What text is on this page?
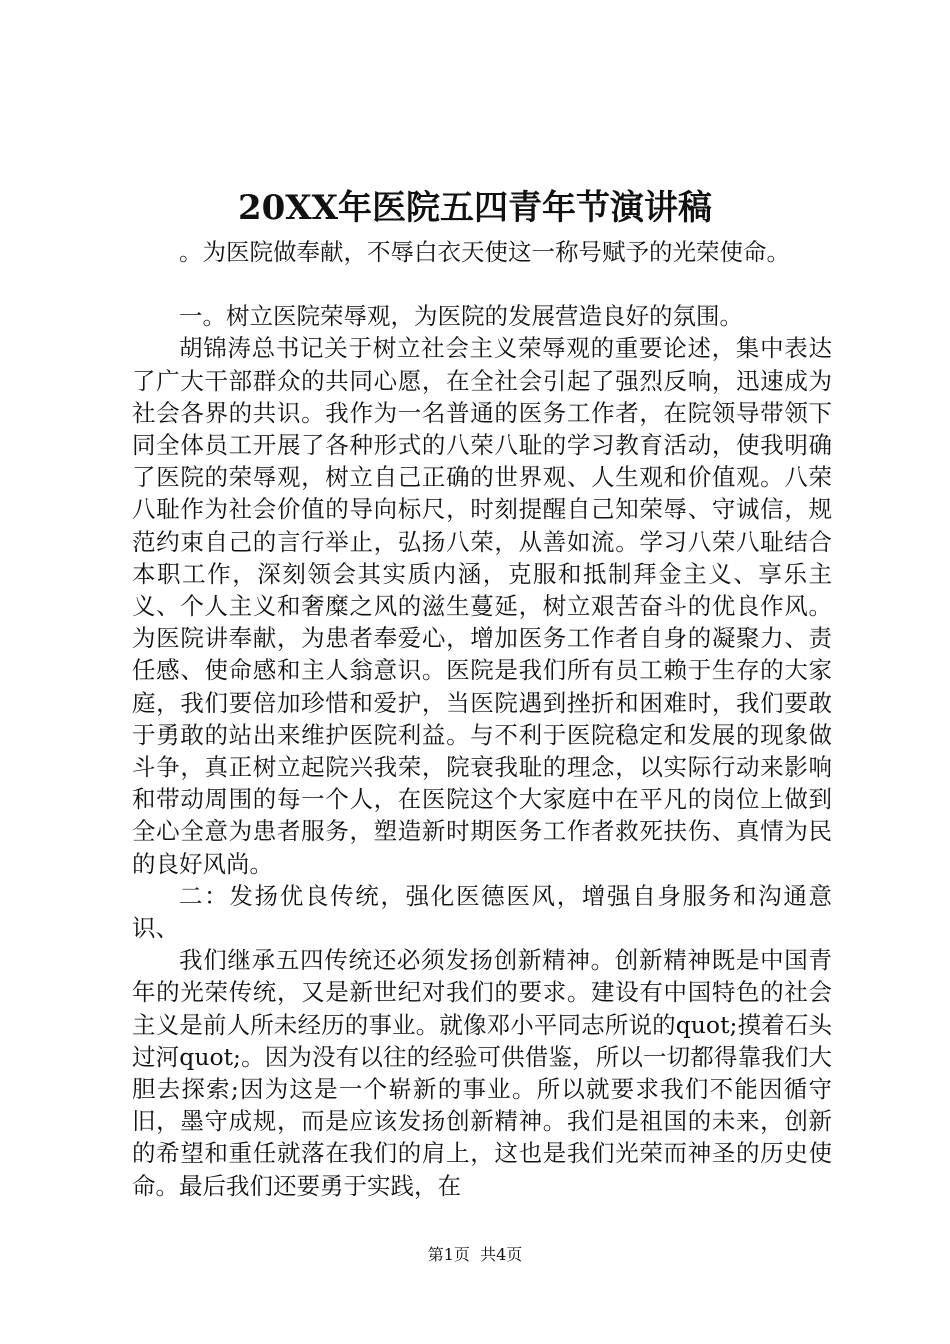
20XX年医院五四青年节演讲稿

。为医院做奉献，不辱白衣天使这一称号赋予的光荣使命。

一。树立医院荣辱观，为医院的发展营造良好的氛围。

胡锦涛总书记关于树立社会主义荣辱观的重要论述，集中表达了广大干部群众的共同心愿，在全社会引起了强烈反响，迅速成为社会各界的共识。我作为一名普通的医务工作者，在院领导带领下同全体员工开展了各种形式的八荣八耻的学习教育活动，使我明确了医院的荣辱观，树立自己正确的世界观、人生观和价值观。八荣八耻作为社会价值的导向标尺，时刻提醒自己知荣辱、守诚信，规范约束自己的言行举止，弘扬八荣，从善如流。学习八荣八耻结合本职工作，深刻领会其实质内涵，克服和抵制拜金主义、享乐主义、个人主义和奢糜之风的滋生蔓延，树立艰苦奋斗的优良作风。为医院讲奉献，为患者奉爱心，增加医务工作者自身的凝聚力、责任感、使命感和主人翁意识。医院是我们所有员工赖于生存的大家庭，我们要倍加珍惜和爱护，当医院遇到挫折和困难时，我们要敢于勇敢的站出来维护医院利益。与不利于医院稳定和发展的现象做斗争，真正树立起院兴我荣，院衰我耻的理念，以实际行动来影响和带动周围的每一个人，在医院这个大家庭中在平凡的岗位上做到全心全意为患者服务，塑造新时期医务工作者救死扶伤、真情为民的良好风尚。

二：发扬优良传统，强化医德医风，增强自身服务和沟通意识、

我们继承五四传统还必须发扬创新精神。创新精神既是中国青年的光荣传统，又是新世纪对我们的要求。建设有中国特色的社会主义是前人所未经历的事业。就像邓小平同志所说的quot;摸着石头过河quot;。因为没有以往的经验可供借鉴，所以一切都得靠我们大胆去探索;因为这是一个崭新的事业。所以就要求我们不能因循守旧，墨守成规，而是应该发扬创新精神。我们是祖国的未来，创新的希望和重任就落在我们的肩上，这也是我们光荣而神圣的历史使命。最后我们还要勇于实践，在

第1页  共4页
